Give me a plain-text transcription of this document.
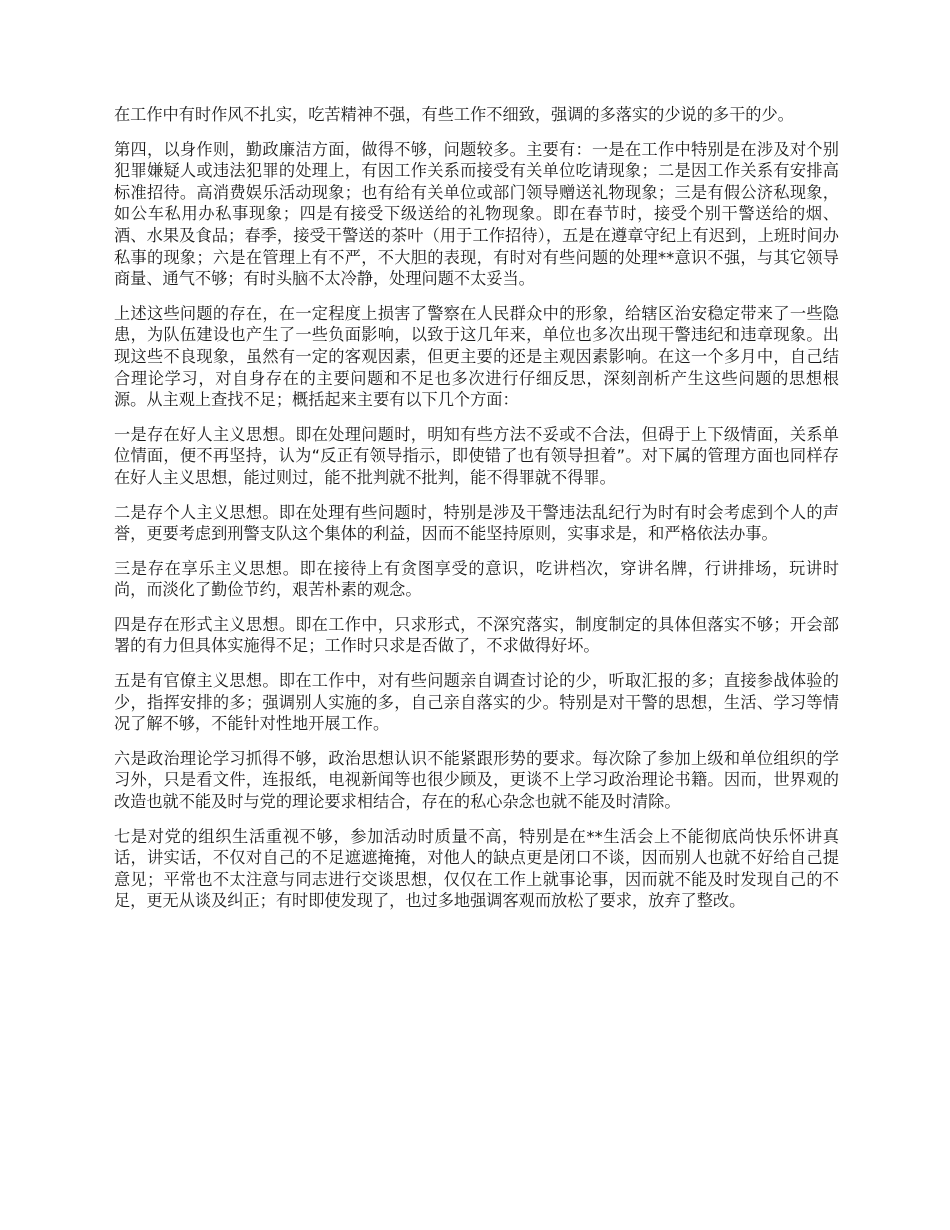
在工作中有时作风不扎实，吃苦精神不强，有些工作不细致，强调的多落实的少说的多干的少。

第四，以身作则，勤政廉洁方面，做得不够，问题较多。主要有：一是在工作中特别是在涉及对个别犯罪嫌疑人或违法犯罪的处理上，有因工作关系而接受有关单位吃请现象；二是因工作关系有安排高标准招待。高消费娱乐活动现象；也有给有关单位或部门领导赠送礼物现象；三是有假公济私现象，如公车私用办私事现象；四是有接受下级送给的礼物现象。即在春节时，接受个别干警送给的烟、酒、水果及食品；春季，接受干警送的茶叶（用于工作招待），五是在遵章守纪上有迟到，上班时间办私事的现象；六是在管理上有不严，不大胆的表现，有时对有些问题的处理**意识不强，与其它领导商量、通气不够；有时头脑不太冷静，处理问题不太妥当。

上述这些问题的存在，在一定程度上损害了警察在人民群众中的形象，给辖区治安稳定带来了一些隐患，为队伍建设也产生了一些负面影响，以致于这几年来，单位也多次出现干警违纪和违章现象。出现这些不良现象，虽然有一定的客观因素，但更主要的还是主观因素影响。在这一个多月中，自己结合理论学习，对自身存在的主要问题和不足也多次进行仔细反思，深刻剖析产生这些问题的思想根源。从主观上查找不足；概括起来主要有以下几个方面：

一是存在好人主义思想。即在处理问题时，明知有些方法不妥或不合法，但碍于上下级情面，关系单位情面，便不再坚持，认为“反正有领导指示，即使错了也有领导担着”。对下属的管理方面也同样存在好人主义思想，能过则过，能不批判就不批判，能不得罪就不得罪。

二是存个人主义思想。即在处理有些问题时，特别是涉及干警违法乱纪行为时有时会考虑到个人的声誉，更要考虑到刑警支队这个集体的利益，因而不能坚持原则，实事求是，和严格依法办事。

三是存在享乐主义思想。即在接待上有贪图享受的意识，吃讲档次，穿讲名牌，行讲排场，玩讲时尚，而淡化了勤俭节约，艰苦朴素的观念。

四是存在形式主义思想。即在工作中，只求形式，不深究落实，制度制定的具体但落实不够；开会部署的有力但具体实施得不足；工作时只求是否做了，不求做得好坏。

五是有官僚主义思想。即在工作中，对有些问题亲自调查讨论的少，听取汇报的多；直接参战体验的少，指挥安排的多；强调别人实施的多，自己亲自落实的少。特别是对干警的思想，生活、学习等情况了解不够，不能针对性地开展工作。

六是政治理论学习抓得不够，政治思想认识不能紧跟形势的要求。每次除了参加上级和单位组织的学习外，只是看文件，连报纸，电视新闻等也很少顾及，更谈不上学习政治理论书籍。因而，世界观的改造也就不能及时与党的理论要求相结合，存在的私心杂念也就不能及时清除。

七是对党的组织生活重视不够，参加活动时质量不高，特别是在**生活会上不能彻底尚快乐怀讲真话，讲实话，不仅对自己的不足遮遮掩掩，对他人的缺点更是闭口不谈，因而别人也就不好给自己提意见；平常也不太注意与同志进行交谈思想，仅仅在工作上就事论事，因而就不能及时发现自己的不足，更无从谈及纠正；有时即使发现了，也过多地强调客观而放松了要求，放弃了整改。
